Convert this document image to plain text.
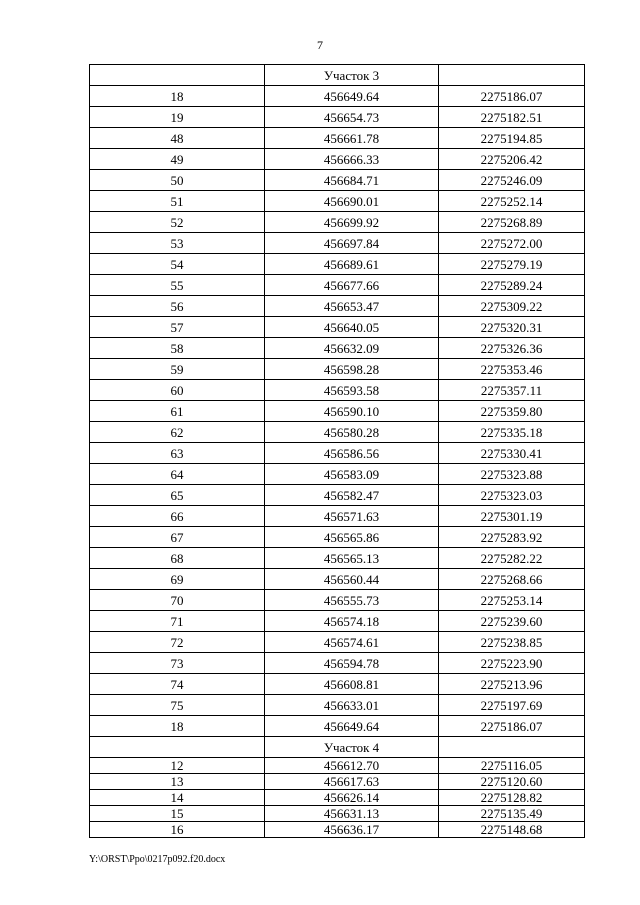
7
	Участок 3	
18	456649.64	2275186.07
19	456654.73	2275182.51
48	456661.78	2275194.85
49	456666.33	2275206.42
50	456684.71	2275246.09
51	456690.01	2275252.14
52	456699.92	2275268.89
53	456697.84	2275272.00
54	456689.61	2275279.19
55	456677.66	2275289.24
56	456653.47	2275309.22
57	456640.05	2275320.31
58	456632.09	2275326.36
59	456598.28	2275353.46
60	456593.58	2275357.11
61	456590.10	2275359.80
62	456580.28	2275335.18
63	456586.56	2275330.41
64	456583.09	2275323.88
65	456582.47	2275323.03
66	456571.63	2275301.19
67	456565.86	2275283.92
68	456565.13	2275282.22
69	456560.44	2275268.66
70	456555.73	2275253.14
71	456574.18	2275239.60
72	456574.61	2275238.85
73	456594.78	2275223.90
74	456608.81	2275213.96
75	456633.01	2275197.69
18	456649.64	2275186.07
	Участок 4	
12	456612.70	2275116.05
13	456617.63	2275120.60
14	456626.14	2275128.82
15	456631.13	2275135.49
16	456636.17	2275148.68
Y:\ORST\Ppo\0217p092.f20.docx
